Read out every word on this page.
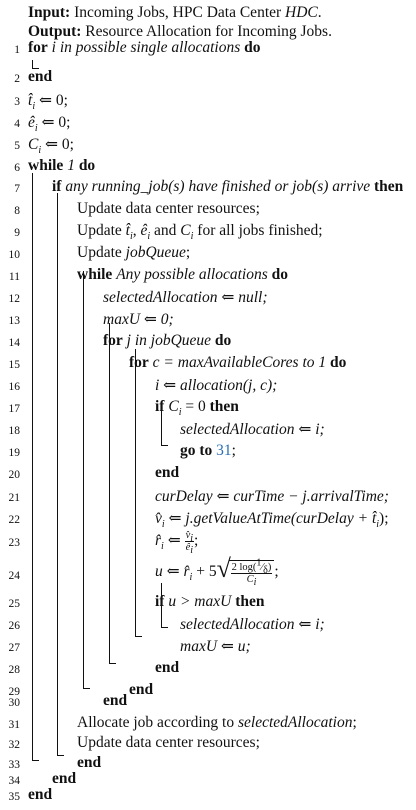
Input: Incoming Jobs, HPC Data Center HDC.
Output: Resource Allocation for Incoming Jobs.
1 for i in possible single allocations do
2 end
3 $t̂_i$ ⇐ 0;
4 $ê_i$ ⇐ 0;
5 $C_i$ ⇐ 0;
6 while 1 do
7 if any running_job(s) have finished or job(s) arrive then
8	Update data center resources;
9	Update $t̂_i$, $ê_i$ and $C_i$ for all jobs finished;
10	Update jobQueue;
11	while Any possible allocations do
12	selectedAllocation ⇐ null;
13	maxU ⇐ 0;
14	for j in jobQueue do
15	for c = maxAvailableCores to 1 do
16	i ⇐ allocation(j, c);
17	if $C_i = 0$ then
18	selectedAllocation ⇐ i;
19	go to 31;
20	end
21	curDelay ⇐ curTime − j.arrivalTime;
22	$v̂_i$ ⇐ j.getValueAtTime(curDelay + $t̂_i$);
23	$r̂_i$ ⇐ $\frac{v̂_i}{ê_i}$ ;
24	u ⇐ $r̂_i + 5$ √ $\frac{2 \log(^1⁄_\delta)}{C_i}$ ;
25	if u > maxU then
26	selectedAllocation ⇐ i;
27	maxU ⇐ u;
28	end
29	end
30	end
31	Allocate job according to selectedAllocation;
32	Update data center resources;
33	end
34 end
35 end
